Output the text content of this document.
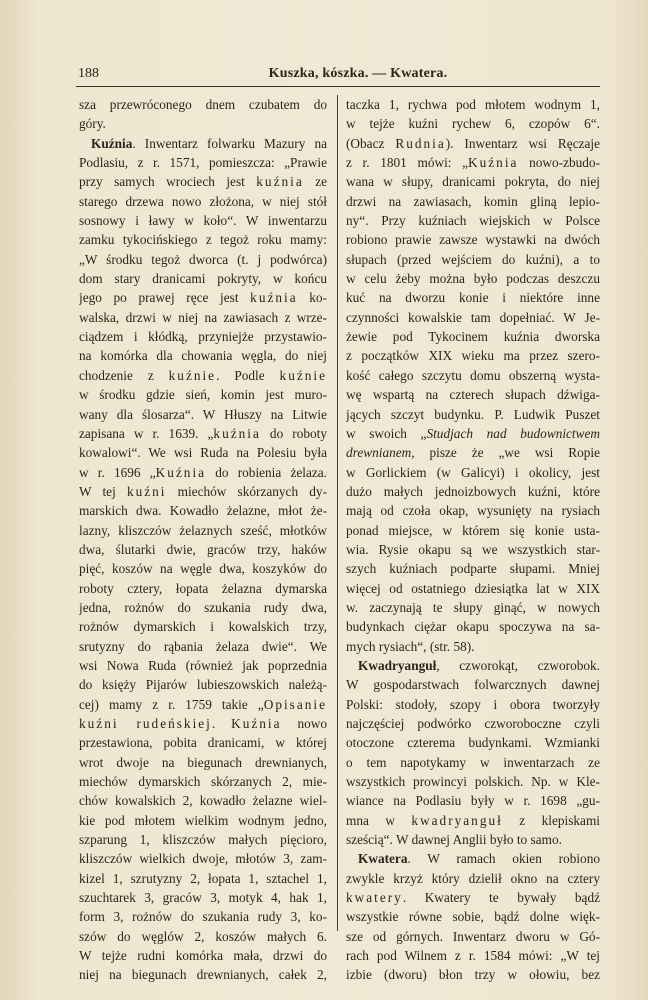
188	Kuszka, kószka. — Kwatera.
sza przewróconego dnem czubatem do
góry.
Kuźnia. Inwentarz folwarku Mazury na
Podlasiu, z r. 1571, pomieszcza: „Prawie
przy samych wrociech jest kuźnia ze
starego drzewa nowo złożona, w niej stół
sosnowy i ławy w koło“. W inwentarzu
zamku tykocińskiego z tegoż roku mamy:
„W środku tegoż dworca (t. j podwórca)
dom stary dranicami pokryty, w końcu
jego po prawej ręce jest kuźnia ko-
walska, drzwi w niej na zawiasach z wrze-
ciądzem i kłódką, przyniejże przystawio-
na komórka dla chowania węgla, do niej
chodzenie z kuźnie. Podle kuźnie
w środku gdzie sień, komin jest muro-
wany dla ślosarza“. W Hłuszy na Litwie
zapisana w r. 1639. „kuźnia do roboty
kowalowi“. We wsi Ruda na Polesiu była
w r. 1696 „Kuźnia do robienia żelaza.
W tej kuźni miechów skórzanych dy-
marskich dwa. Kowadło żelazne, młot że-
lazny, kliszczów żelaznych sześć, młotków
dwa, ślutarki dwie, graców trzy, haków
pięć, koszów na węgle dwa, koszyków do
roboty cztery, łopata żelazna dymarska
jedna, rożnów do szukania rudy dwa,
rożnów dymarskich i kowalskich trzy,
srutyzny do rąbania żelaza dwie“. We
wsi Nowa Ruda (również jak poprzednia
do księży Pijarów lubieszowskich należą-
cej) mamy z r. 1759 takie „Opisanie
kuźni rudeńskiej. Kuźnia nowo
przestawiona, pobita dranicami, w której
wrot dwoje na biegunach drewnianych,
miechów dymarskich skórzanych 2, mie-
chów kowalskich 2, kowadło żelazne wiel-
kie pod młotem wielkim wodnym jedno,
szparung 1, kliszczów małych pięcioro,
kliszczów wielkich dwoje, młotów 3, zam-
kizel 1, szrutyzny 2, łopata 1, sztachel 1,
szuchtarek 3, graców 3, motyk 4, hak 1,
form 3, rożnów do szukania rudy 3, ko-
szów do węglów 2, koszów małych 6.
W tejże rudni komórka mała, drzwi do
niej na biegunach drewnianych, całek 2,
taczka 1, rychwa pod młotem wodnym 1,
w tejże kuźni rychew 6, czopów 6“.
(Obacz Rudnia). Inwentarz wsi Ręczaje
z r. 1801 mówi: „Kuźnia nowo-zbudo-
wana w słupy, dranicami pokryta, do niej
drzwi na zawiasach, komin gliną lepio-
ny“. Przy kuźniach wiejskich w Polsce
robiono prawie zawsze wystawki na dwóch
słupach (przed wejściem do kuźni), a to
w celu żeby można było podczas deszczu
kuć na dworzu konie i niektóre inne
czynności kowalskie tam dopełniać. W Je-
żewie pod Tykocinem kuźnia dworska
z początków XIX wieku ma przez szero-
kość całego szczytu domu obszerną wysta-
wę wspartą na czterech słupach dźwiga-
jących szczyt budynku. P. Ludwik Puszet
w swoich „Studjach nad budownictwem
drewnianem, pisze że „we wsi Ropie
w Gorlickiem (w Galicyi) i okolicy, jest
dużo małych jednoizbowych kuźni, które
mają od czoła okap, wysunięty na rysiach
ponad miejsce, w którem się konie usta-
wia. Rysie okapu są we wszystkich star-
szych kuźniach podparte słupami. Mniej
więcej od ostatniego dziesiątka lat w XIX
w. zaczynają te słupy ginąć, w nowych
budynkach ciężar okapu spoczywa na sa-
mych rysiach“, (str. 58).
Kwadryanguł, czworokąt, czworobok.
W gospodarstwach folwarcznych dawnej
Polski: stodoły, szopy i obora tworzyły
najczęściej podwórko czworoboczne czyli
otoczone czterema budynkami. Wzmianki
o tem napotykamy w inwentarzach ze
wszystkich prowincyi polskich. Np. w Kle-
wiance na Podlasiu były w r. 1698 „gu-
mna w kwadryanguł z klepiskami
sześcią“. W dawnej Anglii było to samo.
Kwatera. W ramach okien robiono
zwykle krzyż który dzielił okno na cztery
kwatery. Kwatery te bywały bądź
wszystkie równe sobie, bądź dolne więk-
sze od górnych. Inwentarz dworu w Gó-
rach pod Wilnem z r. 1584 mówi: „W tej
izbie (dworu) błon trzy w ołowiu, bez
